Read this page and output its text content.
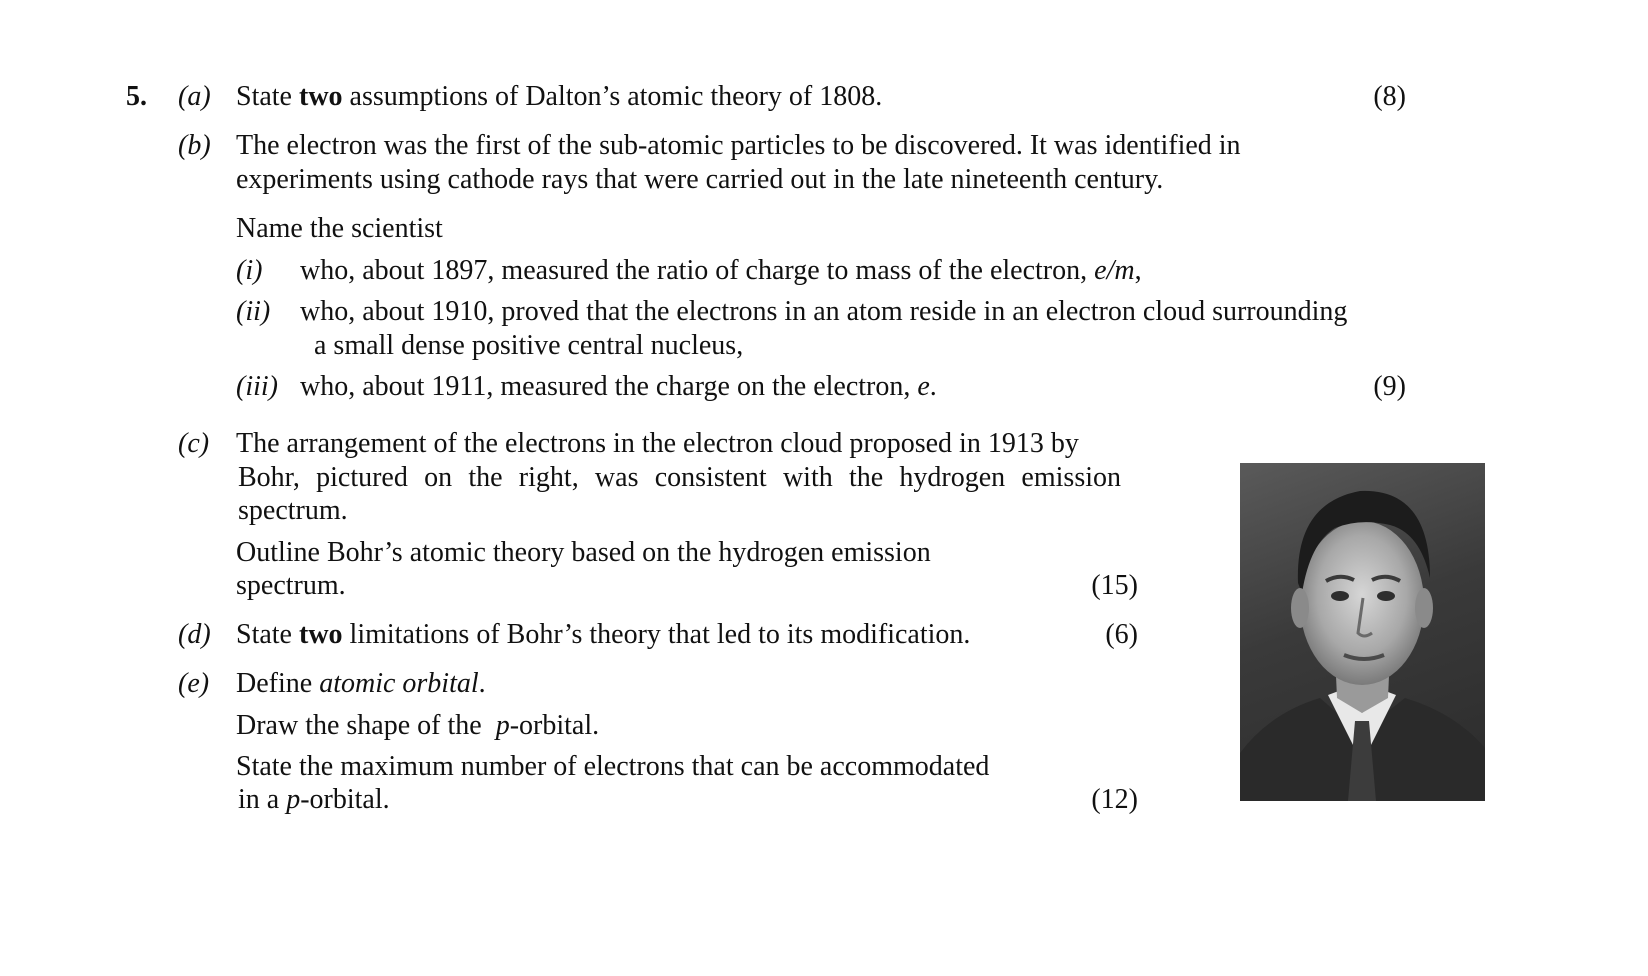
5. (a) State two assumptions of Dalton’s atomic theory of 1808.	(8)
(b) The electron was the first of the sub-atomic particles to be discovered. It was identified in
experiments using cathode rays that were carried out in the late nineteenth century.
Name the scientist
(i) who, about 1897, measured the ratio of charge to mass of the electron, e/m,
(ii) who, about 1910, proved that the electrons in an atom reside in an electron cloud surrounding
a small dense positive central nucleus,
(iii) who, about 1911, measured the charge on the electron, e.	(9)
(c) The arrangement of the electrons in the electron cloud proposed in 1913 by
Bohr, pictured on the right, was consistent with the hydrogen emission
spectrum.
Outline Bohr’s atomic theory based on the hydrogen emission
spectrum.	(15)
(d) State two limitations of Bohr’s theory that led to its modification.	(6)
(e) Define atomic orbital.
Draw the shape of the  p-orbital.
State the maximum number of electrons that can be accommodated
in a p-orbital.	(12)
